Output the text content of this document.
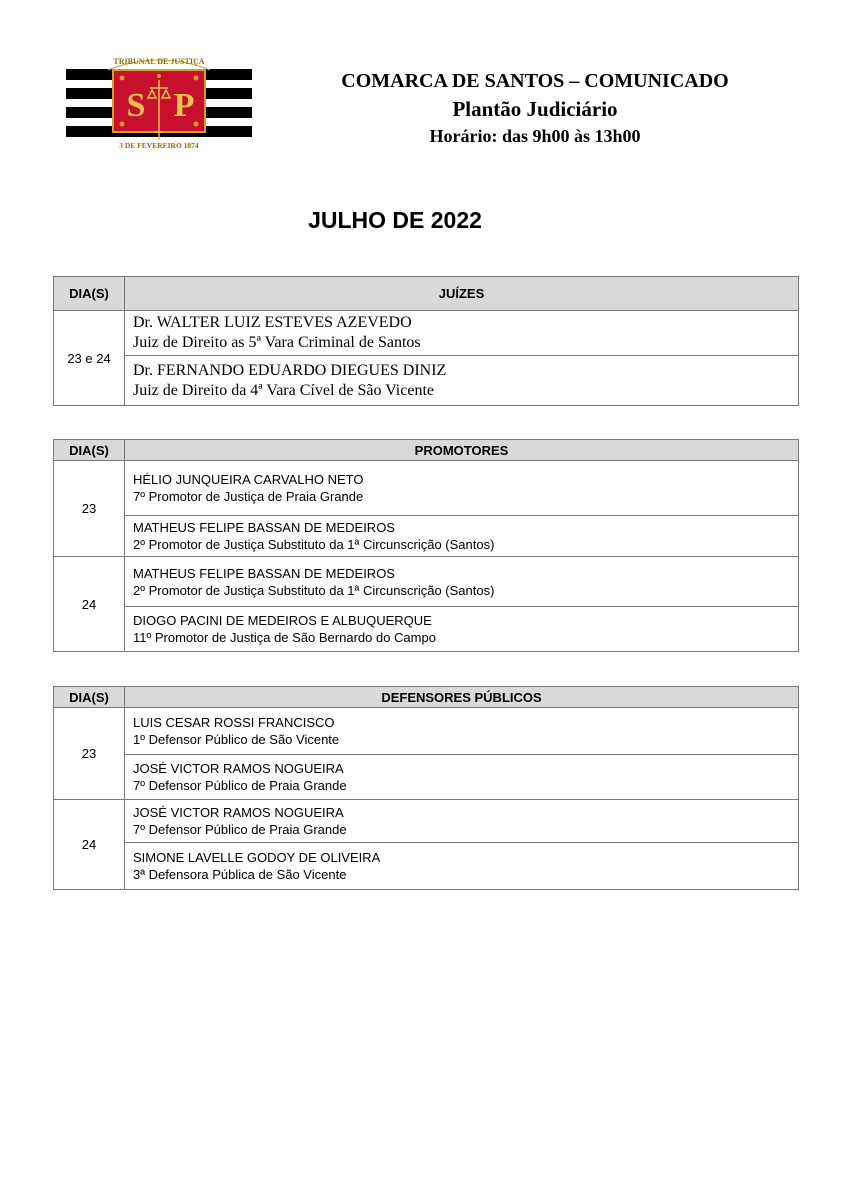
TRIBUNAL DE JUSTIÇA
S P
3 DE FEVEREIRO 1874
COMARCA DE SANTOS – COMUNICADO
Plantão Judiciário
Horário: das 9h00 às 13h00
JULHO DE 2022
DIA(S)	JUÍZES
23 e 24	Dr. WALTER LUIZ ESTEVES AZEVEDO
Juiz de Direito as 5ª Vara Criminal de Santos

	Dr. FERNANDO EDUARDO DIEGUES DINIZ
Juiz de Direito da 4ª Vara Cível de São Vicente
DIA(S)	PROMOTORES
23	HÉLIO JUNQUEIRA CARVALHO NETO
7º Promotor de Justiça de Praia Grande

	MATHEUS FELIPE BASSAN DE MEDEIROS
2º Promotor de Justiça Substituto da 1ª Circunscrição (Santos)

24	MATHEUS FELIPE BASSAN DE MEDEIROS
2º Promotor de Justiça Substituto da 1ª Circunscrição (Santos)

	DIOGO PACINI DE MEDEIROS E ALBUQUERQUE
11º Promotor de Justiça de São Bernardo do Campo
DIA(S)	DEFENSORES PÚBLICOS
23	LUIS CESAR ROSSI FRANCISCO
1º Defensor Público de São Vicente

	JOSÉ VICTOR RAMOS NOGUEIRA
7º Defensor Público de Praia Grande

24	JOSÉ VICTOR RAMOS NOGUEIRA
7º Defensor Público de Praia Grande

	SIMONE LAVELLE GODOY DE OLIVEIRA
3ª Defensora Pública de São Vicente
